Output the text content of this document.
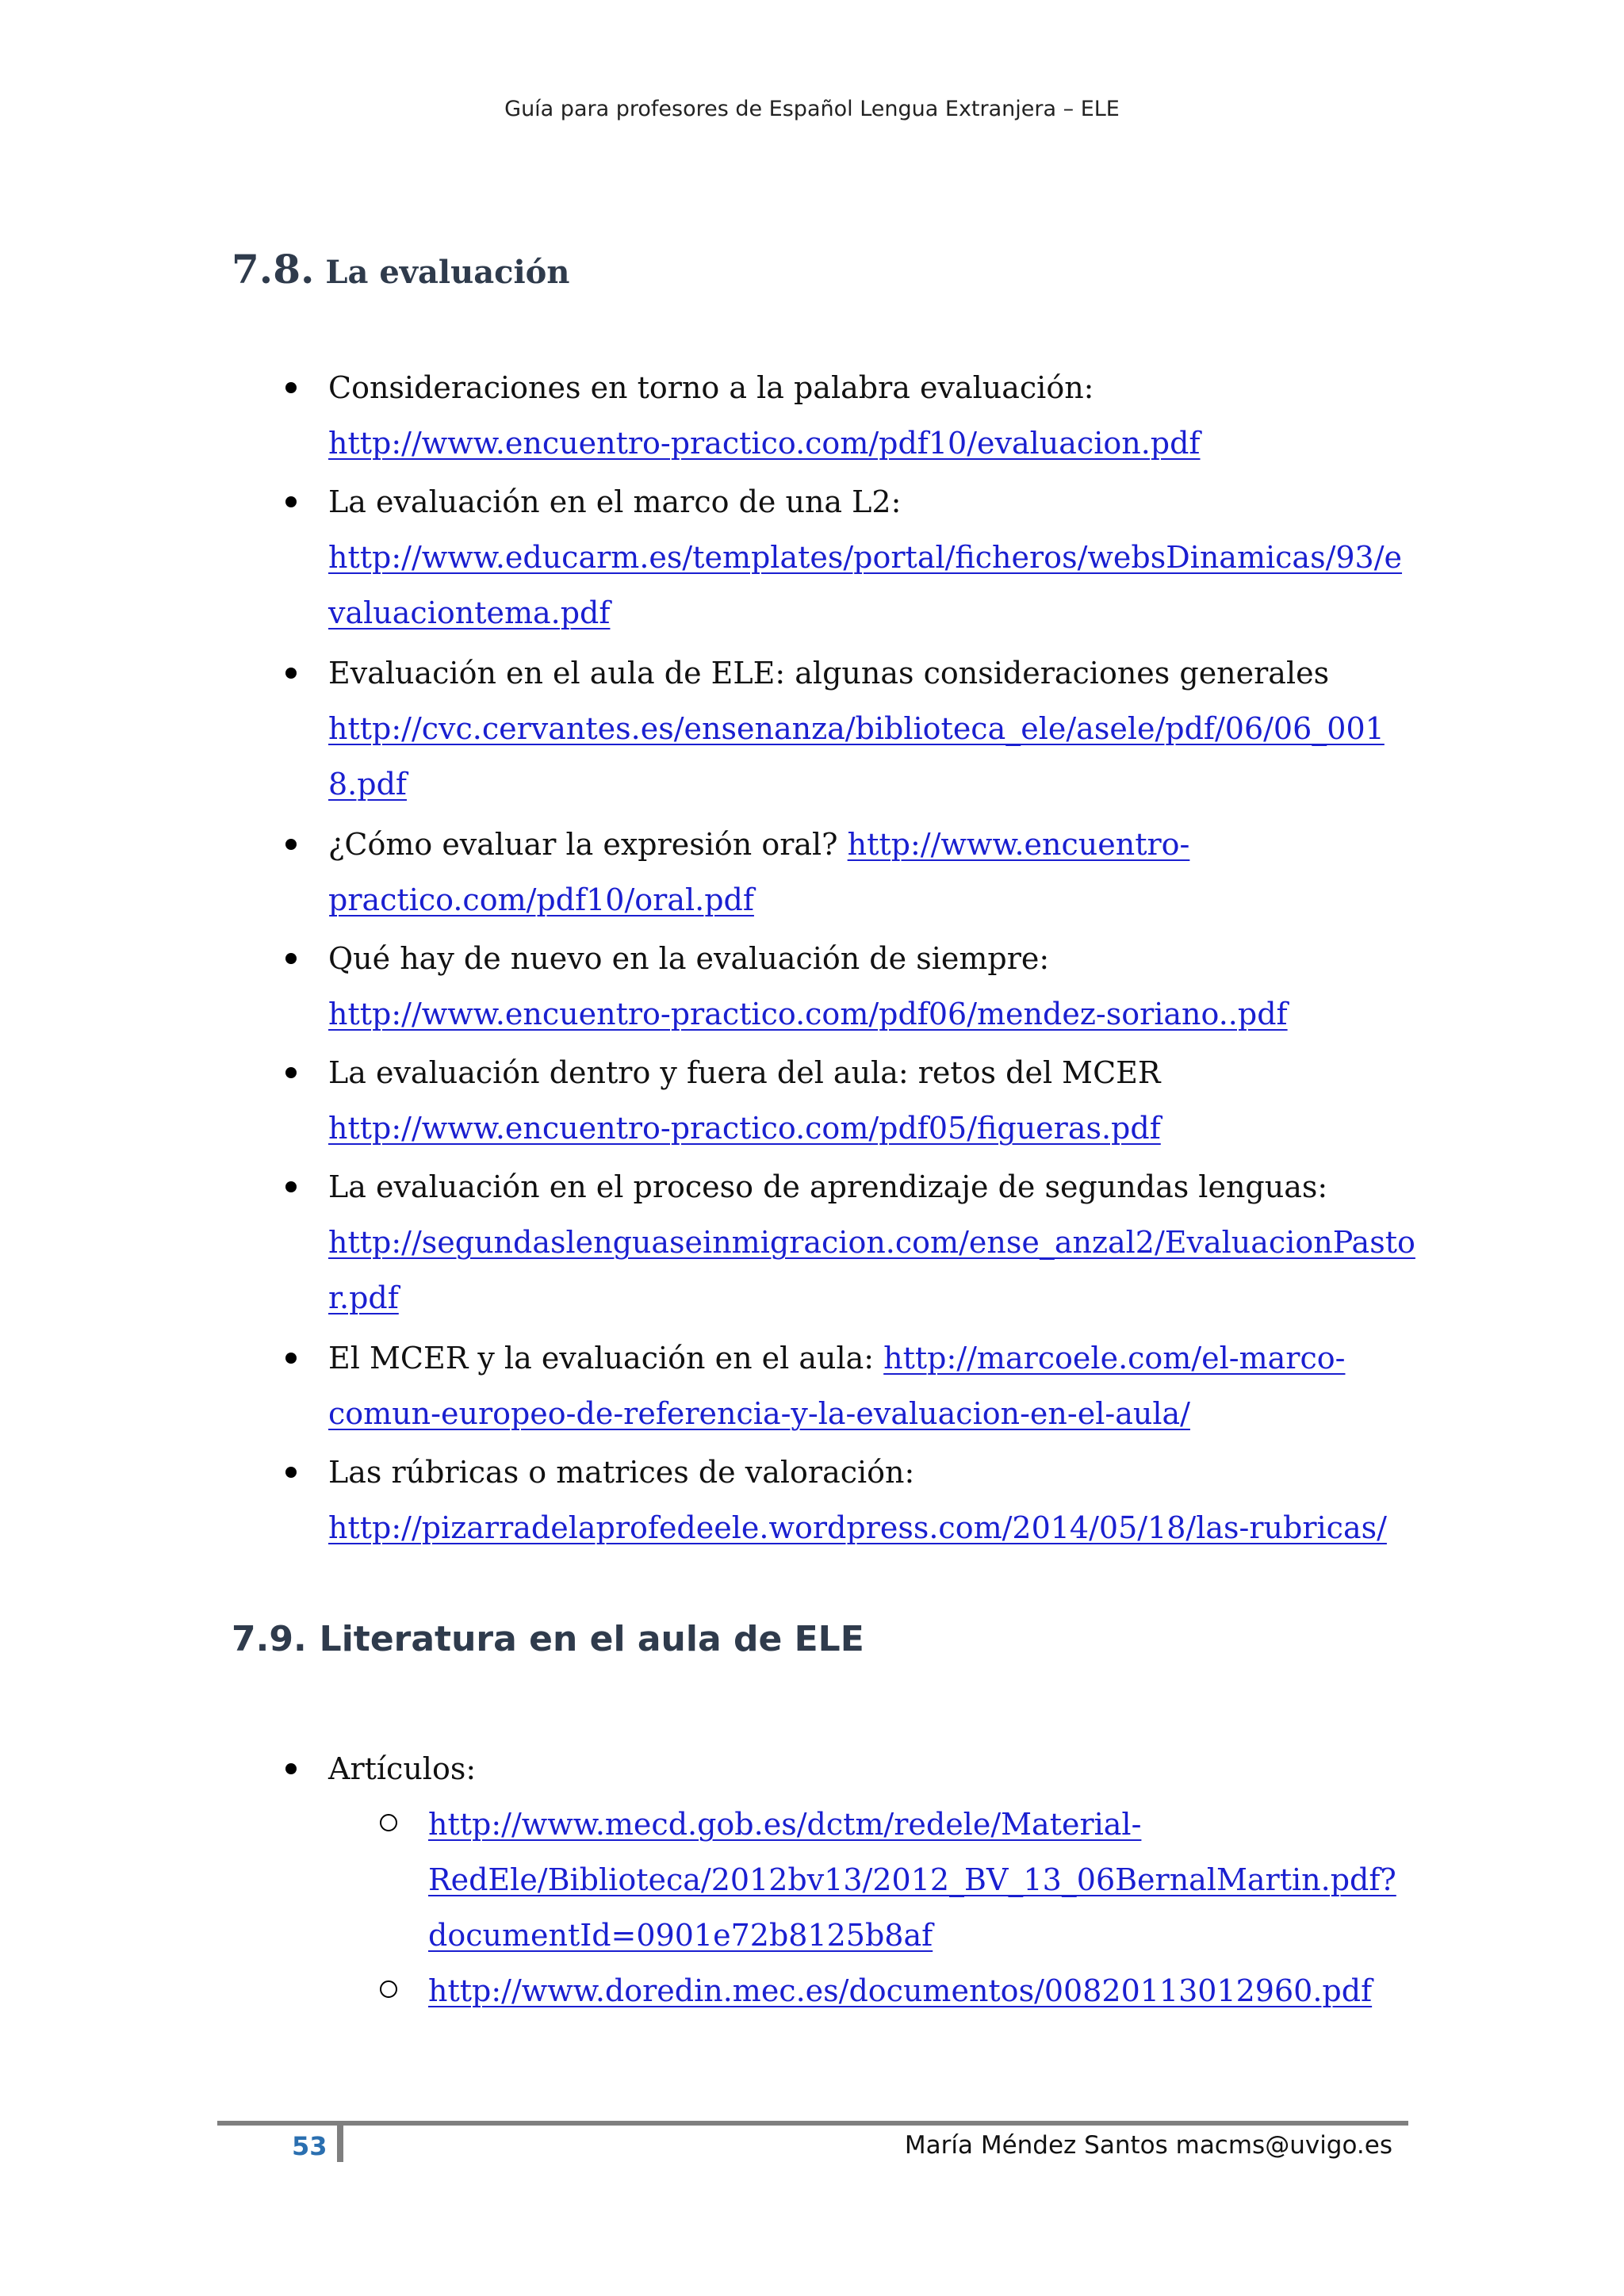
Guía para profesores de Español Lengua Extranjera – ELE
7.8. La evaluación
Consideraciones en torno a la palabra evaluación:
http://www.encuentro-practico.com/pdf10/evaluacion.pdf
La evaluación en el marco de una L2:
http://www.educarm.es/templates/portal/ficheros/websDinamicas/93/e
valuaciontema.pdf
Evaluación en el aula de ELE: algunas consideraciones generales
http://cvc.cervantes.es/ensenanza/biblioteca_ele/asele/pdf/06/06_001
8.pdf
¿Cómo evaluar la expresión oral? http://www.encuentro-
practico.com/pdf10/oral.pdf
Qué hay de nuevo en la evaluación de siempre:
http://www.encuentro-practico.com/pdf06/mendez-soriano..pdf
La evaluación dentro y fuera del aula: retos del MCER
http://www.encuentro-practico.com/pdf05/figueras.pdf
La evaluación en el proceso de aprendizaje de segundas lenguas:
http://segundaslenguaseinmigracion.com/ense_anzal2/EvaluacionPasto
r.pdf
El MCER y la evaluación en el aula: http://marcoele.com/el-marco-
comun-europeo-de-referencia-y-la-evaluacion-en-el-aula/
Las rúbricas o matrices de valoración:
http://pizarradelaprofedeele.wordpress.com/2014/05/18/las-rubricas/
7.9. Literatura en el aula de ELE
Artículos:
http://www.mecd.gob.es/dctm/redele/Material-
RedEle/Biblioteca/2012bv13/2012_BV_13_06BernalMartin.pdf?
documentId=0901e72b8125b8af
http://www.doredin.mec.es/documentos/00820113012960.pdf
53	María Méndez Santos macms@uvigo.es
